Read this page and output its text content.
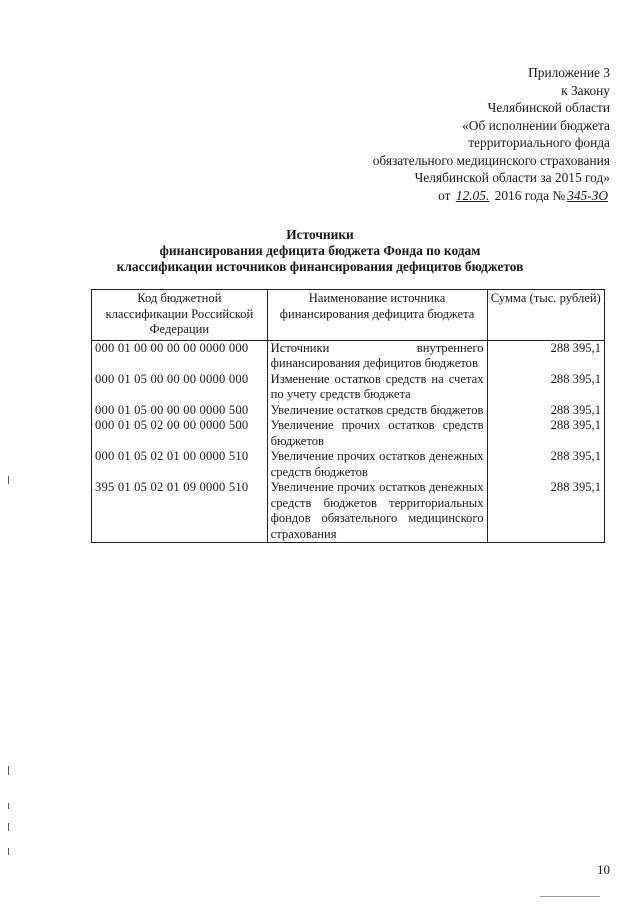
Приложение 3
к Закону
Челябинской области
«Об исполнении бюджета
территориального фонда
обязательного медицинского страхования
Челябинской области за 2015 год»
от 12.05. 2016 года № 345-ЗО
Источники
финансирования дефицита бюджета Фонда по кодам
классификации источников финансирования дефицитов бюджетов
Код бюджетной классификации Российской Федерации	Наименование источника финансирования дефицита бюджета	Сумма (тыс. рублей)
000 01 00 00 00 00 0000 000	Источники внутреннего финансирования дефицитов бюджетов	288 395,1
000 01 05 00 00 00 0000 000	Изменение остатков средств на счетах по учету средств бюджета	288 395,1
000 01 05 00 00 00 0000 500	Увеличение остатков средств бюджетов	288 395,1
000 01 05 02 00 00 0000 500	Увеличение прочих остатков средств бюджетов	288 395,1
000 01 05 02 01 00 0000 510	Увеличение прочих остатков денежных средств бюджетов	288 395,1
395 01 05 02 01 09 0000 510	Увеличение прочих остатков денежных средств бюджетов территориальных фондов обязательного медицинского страхования	288 395,1
10
